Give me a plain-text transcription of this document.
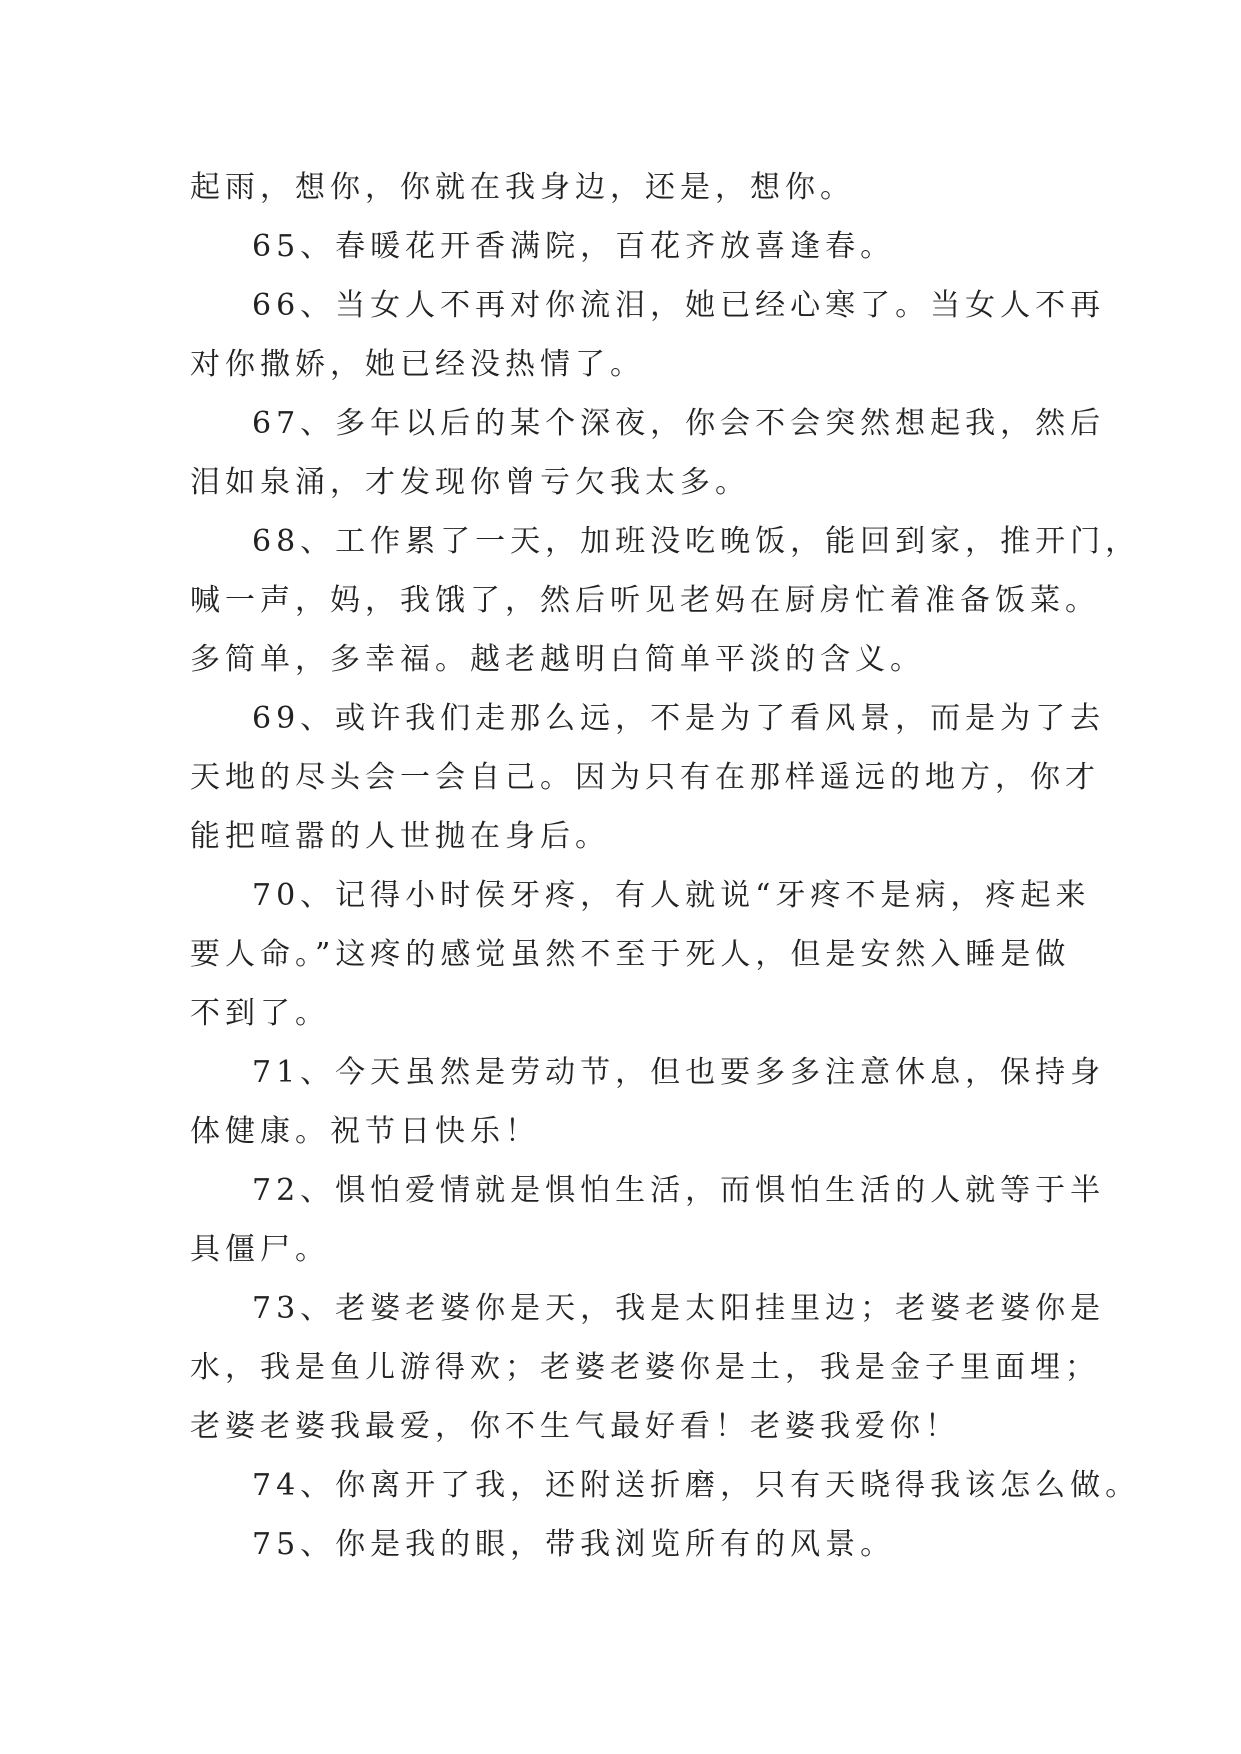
起雨，想你，你就在我身边，还是，想你。
65、春暖花开香满院，百花齐放喜逢春。
66、当女人不再对你流泪，她已经心寒了。当女人不再
对你撒娇，她已经没热情了。
67、多年以后的某个深夜，你会不会突然想起我，然后
泪如泉涌，才发现你曾亏欠我太多。
68、工作累了一天，加班没吃晚饭，能回到家，推开门，
喊一声，妈，我饿了，然后听见老妈在厨房忙着准备饭菜。
多简单，多幸福。越老越明白简单平淡的含义。
69、或许我们走那么远，不是为了看风景，而是为了去
天地的尽头会一会自己。因为只有在那样遥远的地方，你才
能把喧嚣的人世抛在身后。
70、记得小时侯牙疼，有人就说“牙疼不是病，疼起来
要人命。”这疼的感觉虽然不至于死人，但是安然入睡是做
不到了。
71、今天虽然是劳动节，但也要多多注意休息，保持身
体健康。祝节日快乐！
72、惧怕爱情就是惧怕生活，而惧怕生活的人就等于半
具僵尸。
73、老婆老婆你是天，我是太阳挂里边；老婆老婆你是
水，我是鱼儿游得欢；老婆老婆你是土，我是金子里面埋；
老婆老婆我最爱，你不生气最好看！老婆我爱你！
74、你离开了我，还附送折磨，只有天晓得我该怎么做。
75、你是我的眼，带我浏览所有的风景。
